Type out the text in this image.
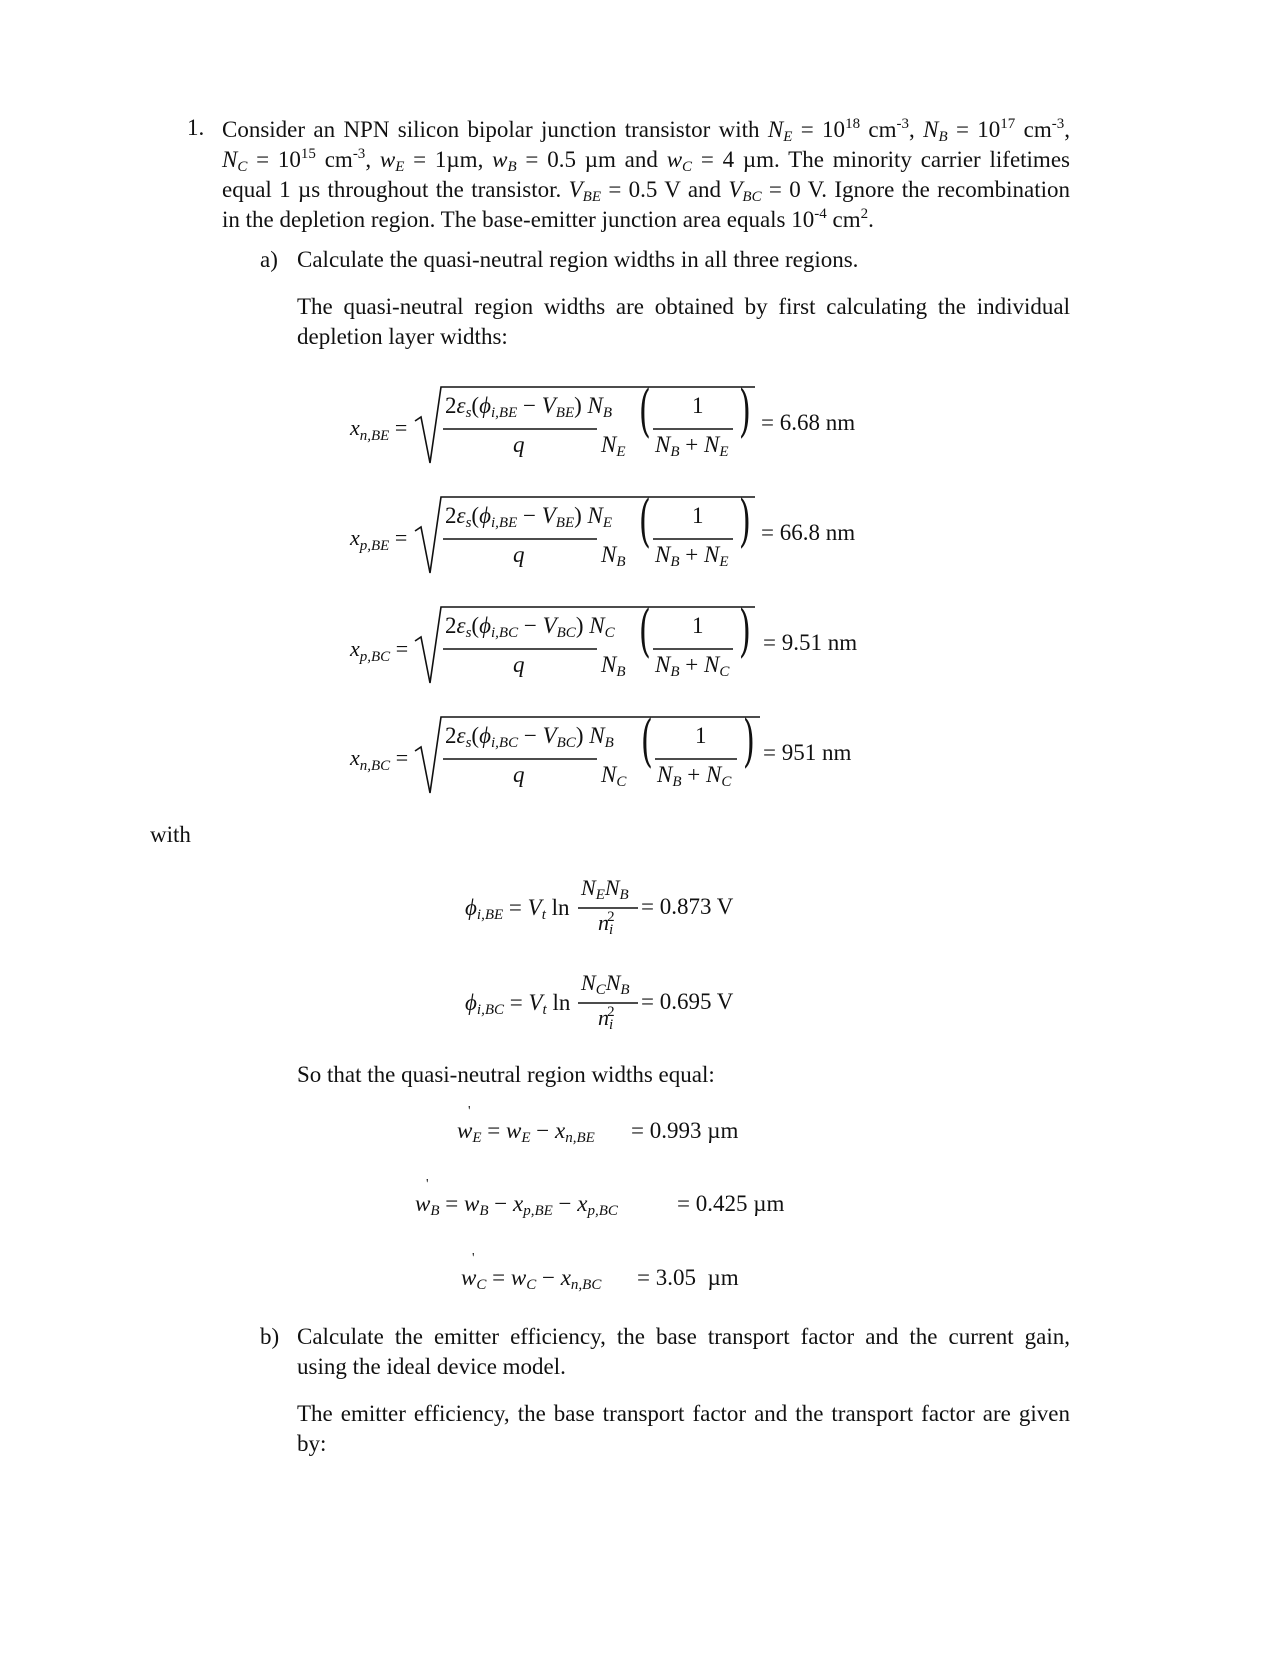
1. Consider an NPN silicon bipolar junction transistor with $N_E = 10^{18}$ $cm^{-3}$, $N_B = 10^{17}$ $cm^{-3}$,
$N_C = 10^{15}$ $cm^{-3}$, $w_E = 1\mu m$, $w_B = 0.5$ µm and $w_C = 4$ µm. The minority carrier lifetimes
equal 1 µs throughout the transistor. $V_{BE} = 0.5$ V and $V_{BC} = 0$ V. Ignore the recombination
in the depletion region. The base-emitter junction area equals $10^{-4}$ $cm^2$.
a) Calculate the quasi-neutral region widths in all three regions.
The quasi-neutral region widths are obtained by first calculating the individual
depletion layer widths:
$x_{n,BE}$ =
$2\varepsilon_s(\phi_{i,BE} - V_{BE})$ $N_B$
q	$N_E$
( 1
$N_B + N_E$
) = 6.68 nm
$x_{p,BE}$ =
$2\varepsilon_s(\phi_{i,BE} - V_{BE})$ $N_E$
q	$N_B$
( 1
$N_B + N_E$
) = 66.8 nm
$x_{p,BC}$ =
$2\varepsilon_s(\phi_{i,BC} - V_{BC})$ $N_C$
q	$N_B$
( 1
$N_B + N_C$
) = 9.51 nm
$x_{n,BC}$ =
$2\varepsilon_s(\phi_{i,BC} - V_{BC})$ $N_B$
q	$N_C$
( 1
$N_B + N_C$
) = 951 nm
with
$\phi_{i,BE} = V_t$ ln
$N_EN_B$
$n_i^2 = 0.873$ V
$\phi_{i,BC} = V_t$ ln
$N_CN_B$
$n_i^2 = 0.695$ V
So that the quasi-neutral region widths equal:
$w_E$
'
= $w_E - x_{n,BE} = 0.993$ µm
$w_B$
'
= $w_B - x_{p,BE} - x_{p,BC}$	= 0.425 µm
$w_C$
'
= $w_C - x_{n,BC} = 3.05$  µm
b) Calculate the emitter efficiency, the base transport factor and the current gain,
using the ideal device model.
The emitter efficiency, the base transport factor and the transport factor are given
by:
